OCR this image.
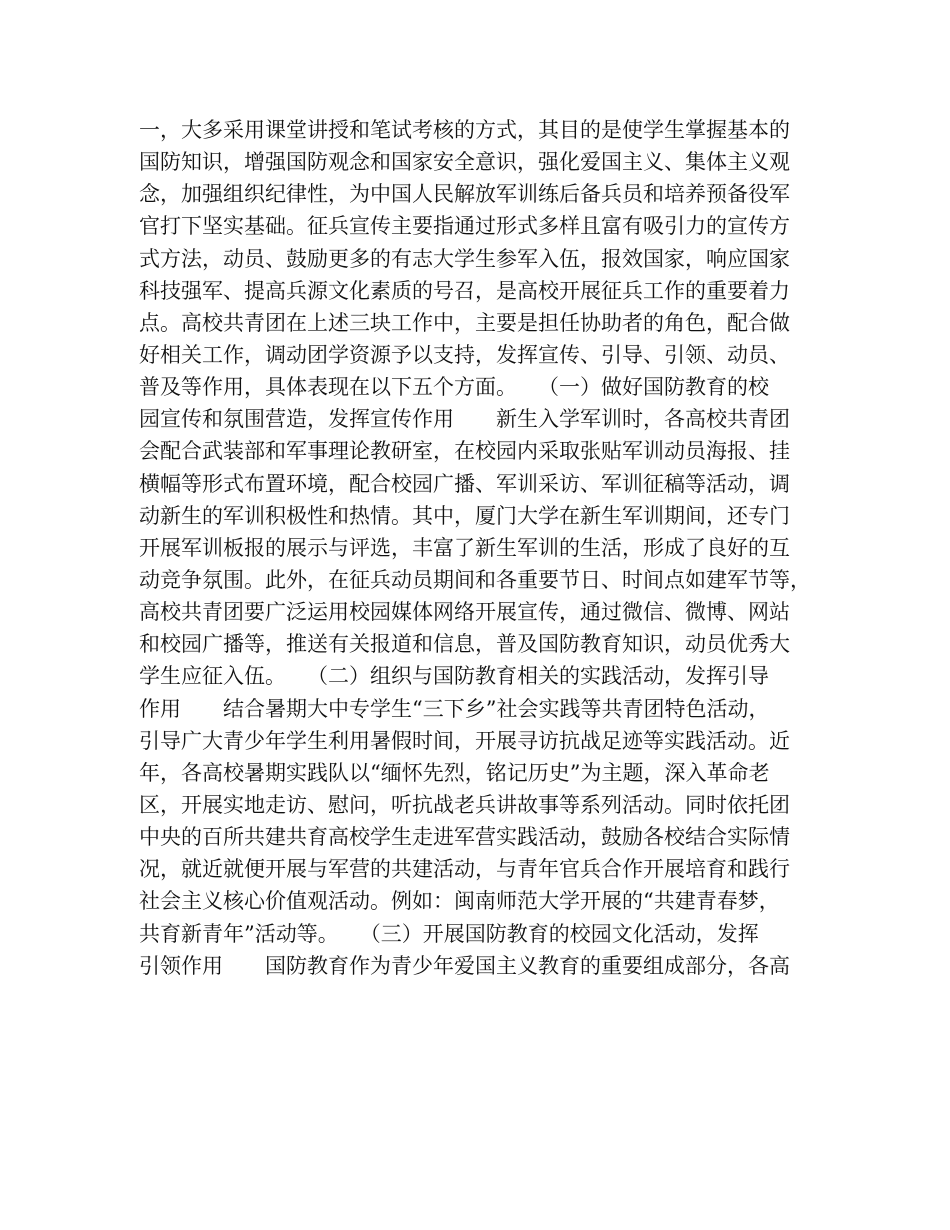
一，大多采用课堂讲授和笔试考核的方式，其目的是使学生掌握基本的
国防知识，增强国防观念和国家安全意识，强化爱国主义、集体主义观
念，加强组织纪律性，为中国人民解放军训练后备兵员和培养预备役军
官打下坚实基础。征兵宣传主要指通过形式多样且富有吸引力的宣传方
式方法，动员、鼓励更多的有志大学生参军入伍，报效国家，响应国家
科技强军、提高兵源文化素质的号召，是高校开展征兵工作的重要着力
点。高校共青团在上述三块工作中，主要是担任协助者的角色，配合做
好相关工作，调动团学资源予以支持，发挥宣传、引导、引领、动员、
普及等作用，具体表现在以下五个方面。　　（一）做好国防教育的校
园宣传和氛围营造，发挥宣传作用　　新生入学军训时，各高校共青团
会配合武装部和军事理论教研室，在校园内采取张贴军训动员海报、挂
横幅等形式布置环境，配合校园广播、军训采访、军训征稿等活动，调
动新生的军训积极性和热情。其中，厦门大学在新生军训期间，还专门
开展军训板报的展示与评选，丰富了新生军训的生活，形成了良好的互
动竞争氛围。此外，在征兵动员期间和各重要节日、时间点如建军节等，
高校共青团要广泛运用校园媒体网络开展宣传，通过微信、微博、网站
和校园广播等，推送有关报道和信息，普及国防教育知识，动员优秀大
学生应征入伍。　　（二）组织与国防教育相关的实践活动，发挥引导
作用　　结合暑期大中专学生“三下乡”社会实践等共青团特色活动，
引导广大青少年学生利用暑假时间，开展寻访抗战足迹等实践活动。近
年，各高校暑期实践队以“缅怀先烈，铭记历史”为主题，深入革命老
区，开展实地走访、慰问，听抗战老兵讲故事等系列活动。同时依托团
中央的百所共建共育高校学生走进军营实践活动，鼓励各校结合实际情
况，就近就便开展与军营的共建活动，与青年官兵合作开展培育和践行
社会主义核心价值观活动。例如：闽南师范大学开展的“共建青春梦，
共育新青年”活动等。　　（三）开展国防教育的校园文化活动，发挥
引领作用　　国防教育作为青少年爱国主义教育的重要组成部分，各高
